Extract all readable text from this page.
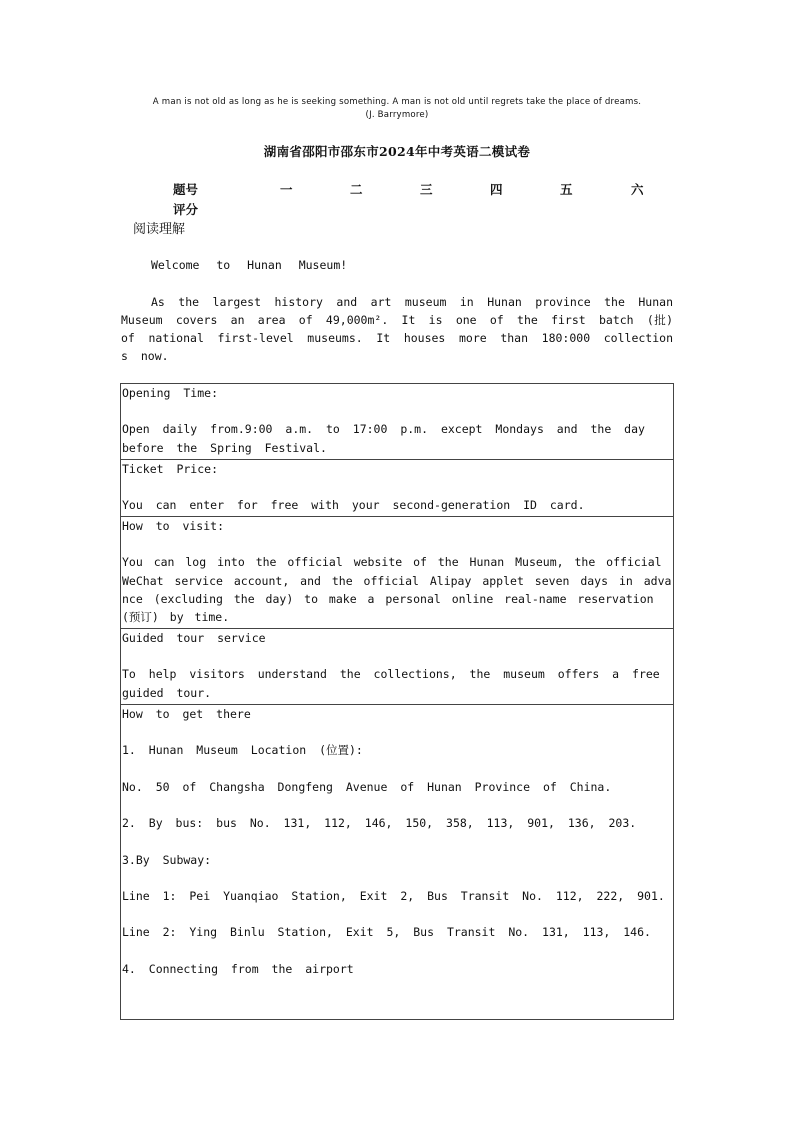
A man is not old as long as he is seeking something. A man is not old until regrets take the place of dreams.
(J. Barrymore)
湖南省邵阳市邵东市2024年中考英语二模试卷
题号	一	二	三	四	五	六
评分
阅读理解
Welcome to Hunan Museum!
As the largest history and art museum in Hunan province the Hunan Museum covers an area of 49,000m². It is one of the first batch (批) of national first-level museums. It houses more than 180:000 collections now.
Opening Time:
Open daily from.9:00 a.m. to 17:00 p.m. except Mondays and the day before the Spring Festival.

Ticket Price:
You can enter for free with your second-generation ID card.

How to visit:
You can log into the official website of the Hunan Museum, the official WeChat service account, and the official Alipay applet seven days in advance (excluding the day) to make a personal online real-name reservation (预订) by time.

Guided tour service
To help visitors understand the collections, the museum offers a free guided tour.

How to get there
1. Hunan Museum Location (位置):
No. 50 of Changsha Dongfeng Avenue of Hunan Province of China.
2. By bus: bus No. 131, 112, 146, 150, 358, 113, 901, 136, 203.
3.By Subway:
Line 1: Pei Yuanqiao Station, Exit 2, Bus Transit No. 112, 222, 901.
Line 2: Ying Binlu Station, Exit 5, Bus Transit No. 131, 113, 146.
4. Connecting from the airport
